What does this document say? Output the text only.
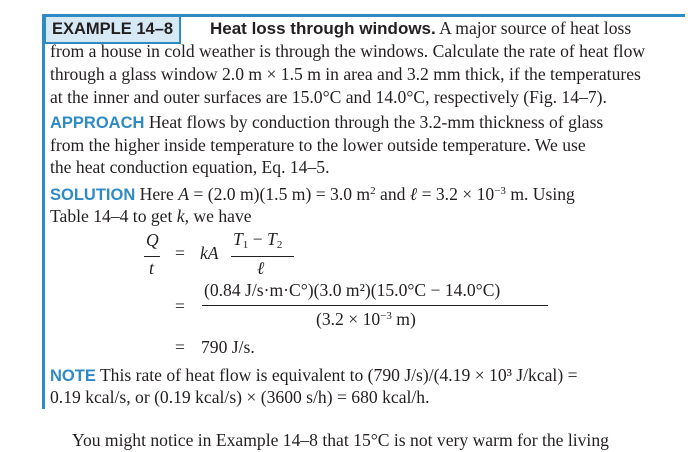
EXAMPLE 14–8	Heat loss through windows. A major source of heat loss
from a house in cold weather is through the windows. Calculate the rate of heat flow
through a glass window 2.0 m × 1.5 m in area and 3.2 mm thick, if the temperatures
at the inner and outer surfaces are 15.0°C and 14.0°C, respectively (Fig. 14–7).
APPROACH Heat flows by conduction through the 3.2-mm thickness of glass
from the higher inside temperature to the lower outside temperature. We use
the heat conduction equation, Eq. 14–5.
SOLUTION Here A = (2.0 m)(1.5 m) = 3.0 $m^2$ and ℓ = $3.2 \times 10^{-3}$ m. Using
Table 14–4 to get k, we have
Q
t
= kA
$T_1 - T_2$
ℓ
=
(0.84 J/s·m·C°)(3.0 m²)(15.0°C − 14.0°C)
($3.2 \times 10^{-3}$ m)
= 790 J/s.
NOTE This rate of heat flow is equivalent to (790 J/s)/(4.19 × 10³ J/kcal) =
0.19 kcal/s, or (0.19 kcal/s) × (3600 s/h) = 680 kcal/h.
You might notice in Example 14–8 that 15°C is not very warm for the living
